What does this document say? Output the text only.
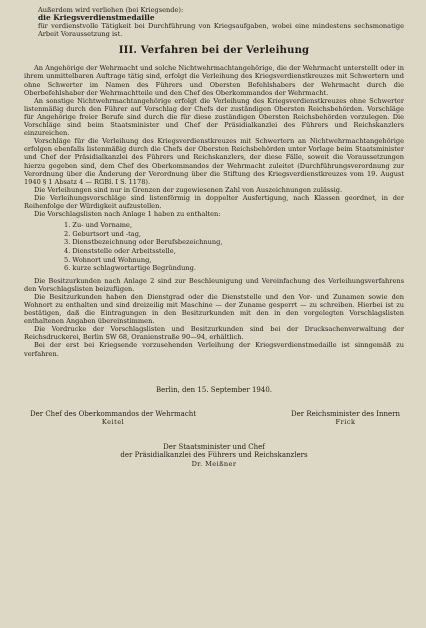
Außerdem wird verliehen (bei Kriegsende):

die Kriegsverdienstmedaille

für verdienstvolle Tätigkeit bei Durchführung von Kriegsaufgaben, wobei eine mindestens sechsmonatige Arbeit Voraussetzung ist.

III. Verfahren bei der Verleihung

An Angehörige der Wehrmacht und solche Nichtwehrmachtangehörige, die der Wehrmacht unterstellt oder in ihrem unmittelbaren Auftrage tätig sind, erfolgt die Verleihung des Kriegsverdienstkreuzes mit Schwertern und ohne Schwerter im Namen des Führers und Obersten Befehlshabers der Wehrmacht durch die Oberbefehlshaber der Wehrmachtteile und den Chef des Oberkommandos der Wehrmacht.

An sonstige Nichtwehrmachtangehörige erfolgt die Verleihung des Kriegsverdienstkreuzes ohne Schwerter listenmäßig durch den Führer auf Vorschlag der Chefs der zuständigen Obersten Reichsbehörden. Vorschläge für Angehörige freier Berufe sind durch die für diese zuständigen Obersten Reichsbehörden vorzulegen. Die Vorschläge sind beim Staatsminister und Chef der Präsidialkanzlei des Führers und Reichskanzlers einzureichen.

Vorschläge für die Verleihung des Kriegsverdienstkreuzes mit Schwertern an Nichtwehrmachtangehörige erfolgen ebenfalls listenmäßig durch die Chefs der Obersten Reichsbehörden unter Vorlage beim Staatsminister und Chef der Präsidialkanzlei des Führers und Reichskanzlers, der diese Fälle, soweit die Voraussetzungen hierzu gegeben sind, dem Chef des Oberkommandos der Wehrmacht zuleitet (Durchführungsverordnung zur Verordnung über die Änderung der Verordnung über die Stiftung des Kriegsverdienstkreuzes vom 19. August 1940 § 1 Absatz 4 — RGBl. I S. 1178).

Die Verleihungen sind nur in Grenzen der zugewiesenen Zahl von Auszeichnungen zulässig.

Die Verleihungsvorschläge sind listenförmig in doppelter Ausfertigung, nach Klassen geordnet, in der Reihenfolge der Würdigkeit aufzustellen.

Die Vorschlagslisten nach Anlage 1 haben zu enthalten:

1. Zu- und Vorname,
2. Geburtsort und -tag,
3. Dienstbezeichnung oder Berufsbezeichnung,
4. Dienststelle oder Arbeitsstelle,
5. Wohnort und Wohnung,
6. kurze schlagwortartige Begründung.

Die Besitzurkunden nach Anlage 2 sind zur Beschleunigung und Vereinfachung des Verleihungsverfahrens den Vorschlagslisten beizufügen.

Die Besitzurkunden haben den Dienstgrad oder die Dienststelle und den Vor- und Zunamen sowie den Wohnort zu enthalten und sind dreizeilig mit Maschine — der Zuname gesperrt — zu schreiben. Hierbei ist zu bestätigen, daß die Eintragungen in den Besitzurkunden mit den in den vorgelegten Vorschlagslisten enthaltenen Angaben übereinstimmen.

Die Vordrucke der Vorschlagslisten und Besitzurkunden sind bei der Drucksachenverwaltung der Reichsdruckerei, Berlin SW 68, Oranienstraße 90—94, erhältlich.

Bei der erst bei Kriegsende vorzusehenden Verleihung der Kriegsverdienstmedaille ist sinngemäß zu verfahren.

Berlin, den 15. September 1940.
Der Chef des Oberkommandos der Wehrmacht
Keitel
Der Reichsminister des Innern
Frick
Der Staatsminister und Chef
der Präsidialkanzlei des Führers und Reichskanzlers
Dr. Meißner
